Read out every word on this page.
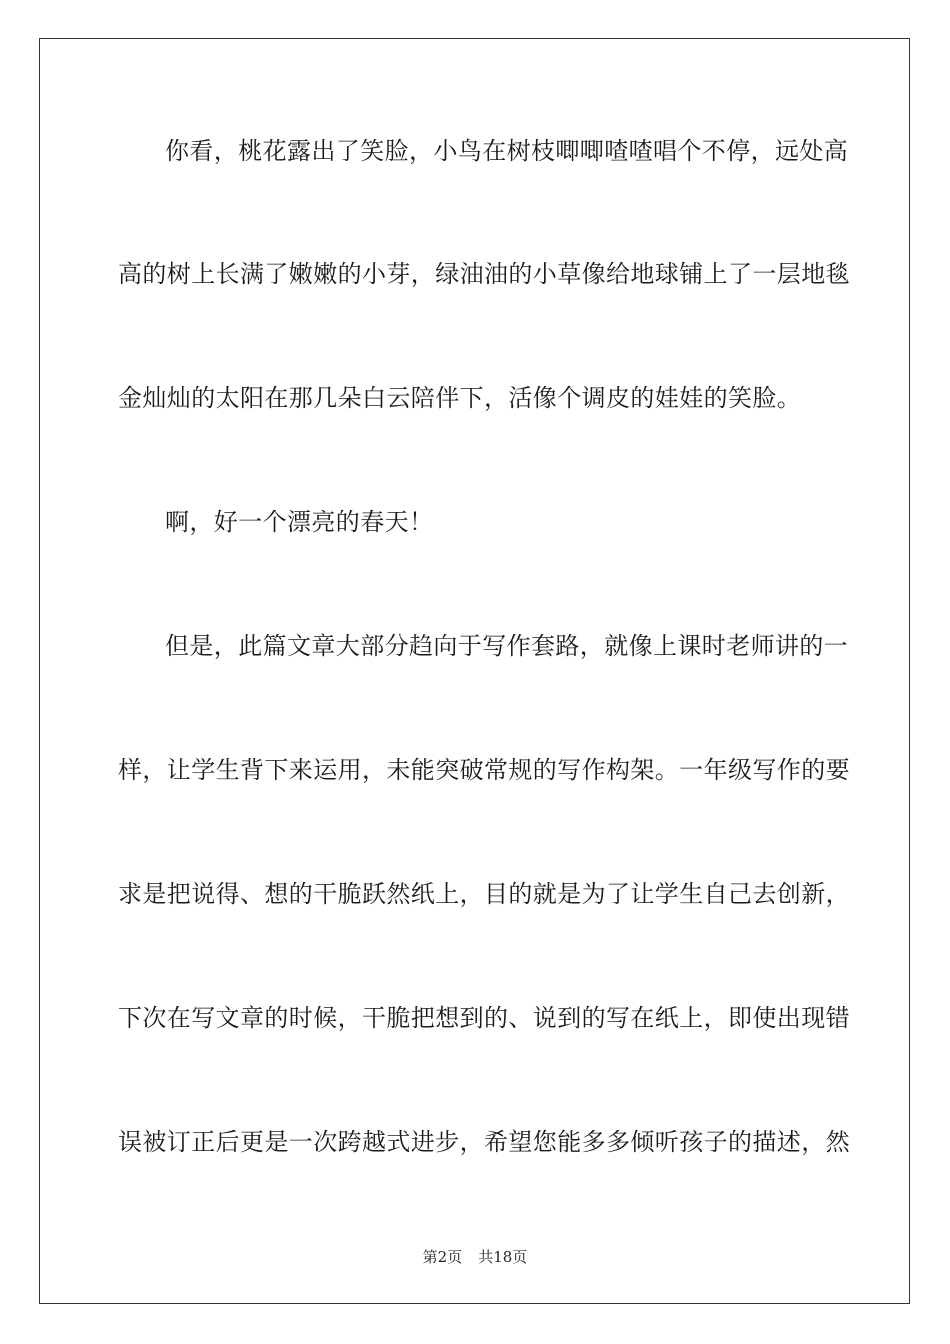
你看，桃花露出了笑脸，小鸟在树枝唧唧喳喳唱个不停，远处高
高的树上长满了嫩嫩的小芽，绿油油的小草像给地球铺上了一层地毯
金灿灿的太阳在那几朵白云陪伴下，活像个调皮的娃娃的笑脸。
啊，好一个漂亮的春天！
但是，此篇文章大部分趋向于写作套路，就像上课时老师讲的一
样，让学生背下来运用，未能突破常规的写作构架。一年级写作的要
求是把说得、想的干脆跃然纸上，目的就是为了让学生自己去创新，
下次在写文章的时候，干脆把想到的、说到的写在纸上，即使出现错
误被订正后更是一次跨越式进步，希望您能多多倾听孩子的描述，然
第2页 共18页
